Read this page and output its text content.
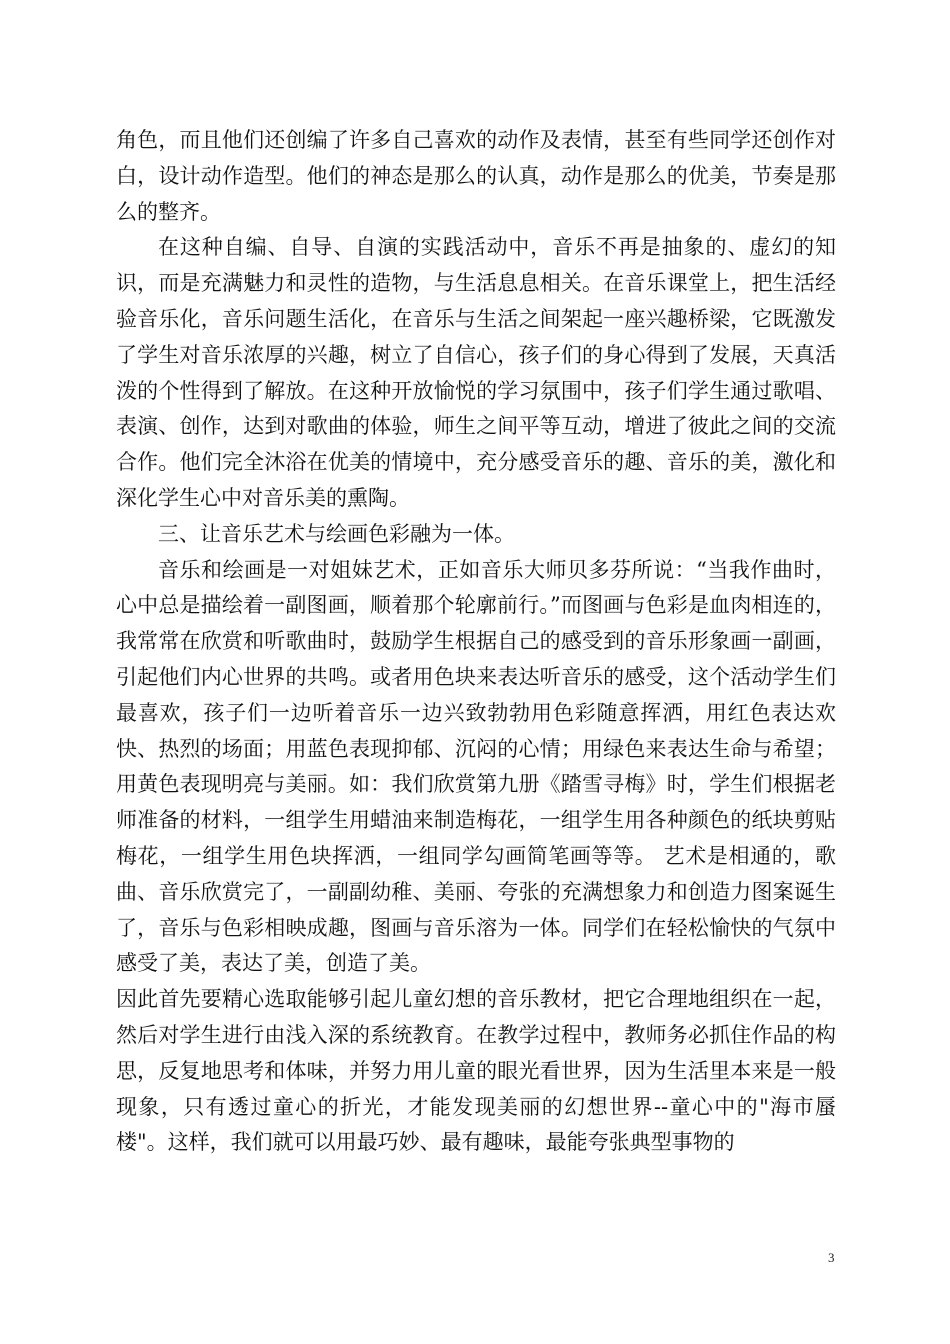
角色，而且他们还创编了许多自己喜欢的动作及表情，甚至有些同学还创作对白，设计动作造型。他们的神态是那么的认真，动作是那么的优美，节奏是那么的整齐。

在这种自编、自导、自演的实践活动中，音乐不再是抽象的、虚幻的知识，而是充满魅力和灵性的造物，与生活息息相关。在音乐课堂上，把生活经验音乐化，音乐问题生活化，在音乐与生活之间架起一座兴趣桥梁，它既激发了学生对音乐浓厚的兴趣，树立了自信心，孩子们的身心得到了发展，天真活泼的个性得到了解放。在这种开放愉悦的学习氛围中，孩子们学生通过歌唱、表演、创作，达到对歌曲的体验，师生之间平等互动，增进了彼此之间的交流合作。他们完全沐浴在优美的情境中，充分感受音乐的趣、音乐的美，激化和深化学生心中对音乐美的熏陶。

三、让音乐艺术与绘画色彩融为一体。

音乐和绘画是一对姐妹艺术，正如音乐大师贝多芬所说：“当我作曲时，心中总是描绘着一副图画，顺着那个轮廓前行。”而图画与色彩是血肉相连的，我常常在欣赏和听歌曲时，鼓励学生根据自己的感受到的音乐形象画一副画，引起他们内心世界的共鸣。或者用色块来表达听音乐的感受，这个活动学生们最喜欢，孩子们一边听着音乐一边兴致勃勃用色彩随意挥洒，用红色表达欢快、热烈的场面；用蓝色表现抑郁、沉闷的心情；用绿色来表达生命与希望；用黄色表现明亮与美丽。如：我们欣赏第九册《踏雪寻梅》时，学生们根据老师准备的材料，一组学生用蜡油来制造梅花，一组学生用各种颜色的纸块剪贴梅花，一组学生用色块挥洒，一组同学勾画简笔画等等。 艺术是相通的，歌曲、音乐欣赏完了，一副副幼稚、美丽、夸张的充满想象力和创造力图案诞生了，音乐与色彩相映成趣，图画与音乐溶为一体。同学们在轻松愉快的气氛中感受了美，表达了美，创造了美。

因此首先要精心选取能够引起儿童幻想的音乐教材，把它合理地组织在一起，然后对学生进行由浅入深的系统教育。在教学过程中，教师务必抓住作品的构思，反复地思考和体味，并努力用儿童的眼光看世界，因为生活里本来是一般现象，只有透过童心的折光，才能发现美丽的幻想世界--童心中的"海市蜃楼"。这样，我们就可以用最巧妙、最有趣味，最能夸张典型事物的

3
